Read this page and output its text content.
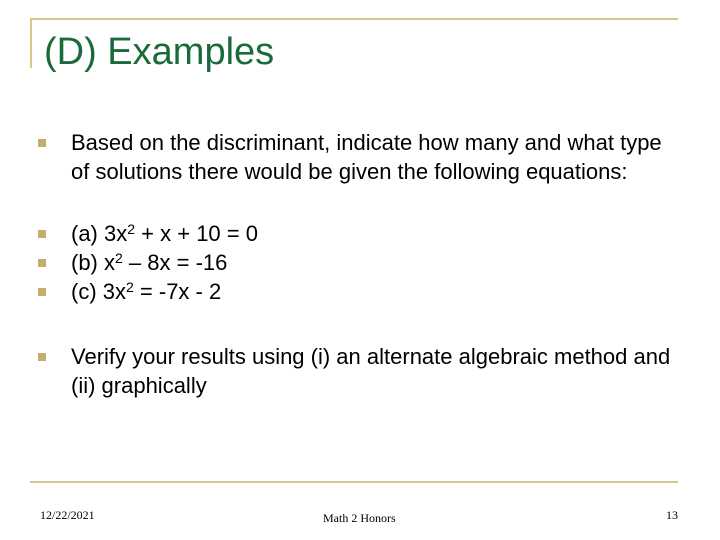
(D) Examples
Based on the discriminant, indicate how many and what type of solutions there would be given the following equations:
(a) $3x^2 + x + 10 = 0$
(b) $x^2 - 8x = -16$
(c) $3x^2 = -7x - 2$
Verify your results using (i) an alternate algebraic method and (ii) graphically
12/22/2021	Math 2 Honors	13
